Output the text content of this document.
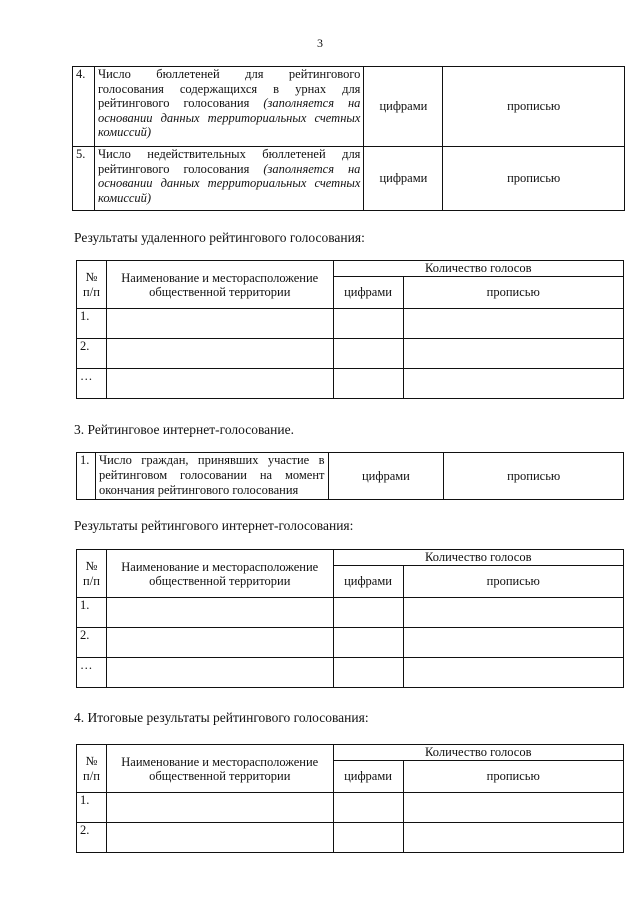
3
4.	Число бюллетеней для рейтингового голосования содержащихся в урнах для рейтингового голосования (заполняется на основании данных территориальных счетных комиссий)	цифрами	прописью
5.	Число недействительных бюллетеней для рейтингового голосования (заполняется на основании данных территориальных счетных комиссий)	цифрами	прописью
Результаты удаленного рейтингового голосования:
№ п/п	Наименование и месторасположение общественной территории	Количество голосов	
		цифрами	прописью
1.			
2.			
…			
3. Рейтинговое интернет-голосование.
1.	Число граждан, принявших участие в рейтинговом голосовании на момент окончания рейтингового голосования	цифрами	прописью
Результаты рейтингового интернет-голосования:
№ п/п	Наименование и месторасположение общественной территории	Количество голосов	
		цифрами	прописью
1.			
2.			
…			
4. Итоговые результаты рейтингового голосования:
№ п/п	Наименование и месторасположение общественной территории	Количество голосов	
		цифрами	прописью
1.			
2.			
